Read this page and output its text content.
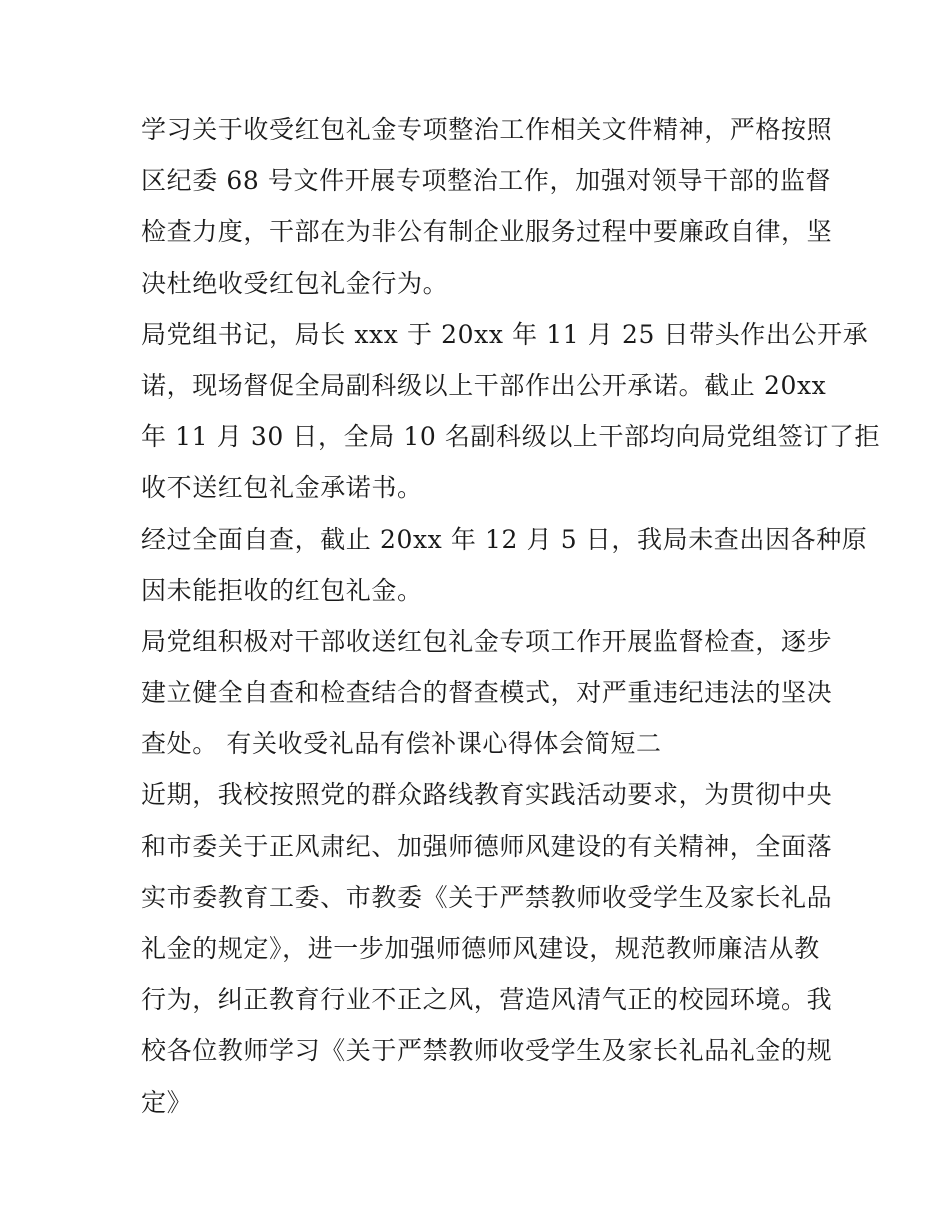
学习关于收受红包礼金专项整治工作相关文件精神，严格按照
区纪委 68 号文件开展专项整治工作，加强对领导干部的监督
检查力度，干部在为非公有制企业服务过程中要廉政自律，坚
决杜绝收受红包礼金行为。
局党组书记，局长 xxx 于 20xx 年 11 月 25 日带头作出公开承
诺，现场督促全局副科级以上干部作出公开承诺。截止 20xx
年 11 月 30 日，全局 10 名副科级以上干部均向局党组签订了拒
收不送红包礼金承诺书。
经过全面自查，截止 20xx 年 12 月 5 日，我局未查出因各种原
因未能拒收的红包礼金。
局党组积极对干部收送红包礼金专项工作开展监督检查，逐步
建立健全自查和检查结合的督查模式，对严重违纪违法的坚决
查处。 有关收受礼品有偿补课心得体会简短二
近期，我校按照党的群众路线教育实践活动要求，为贯彻中央
和市委关于正风肃纪、加强师德师风建设的有关精神，全面落
实市委教育工委、市教委《关于严禁教师收受学生及家长礼品
礼金的规定》，进一步加强师德师风建设，规范教师廉洁从教
行为，纠正教育行业不正之风，营造风清气正的校园环境。我
校各位教师学习《关于严禁教师收受学生及家长礼品礼金的规
定》
